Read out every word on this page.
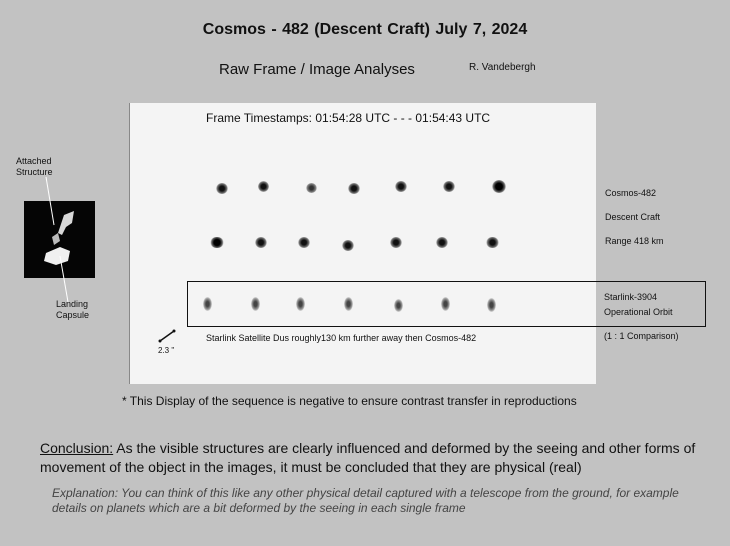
Cosmos - 482 (Descent Craft) July 7, 2024
Raw Frame / Image Analyses	R. Vandebergh
Frame Timestamps: 01:54:28 UTC - - - 01:54:43 UTC
Attached Structure
Landing Capsule
Cosmos-482
Descent Craft
Range 418 km
Starlink-3904
Operational Orbit
Starlink Satellite Dus roughly130 km further away then Cosmos-482
2.3 "
(1 : 1 Comparison)
* This Display of the sequence is negative to ensure contrast transfer in reproductions
Conclusion: As the visible structures are clearly influenced and deformed by the seeing and other forms of movement of the object in the images, it must be concluded that they are physical (real)
Explanation: You can think of this like any other physical detail captured with a telescope from the ground, for example details on planets which are a bit deformed by the seeing in each single frame
